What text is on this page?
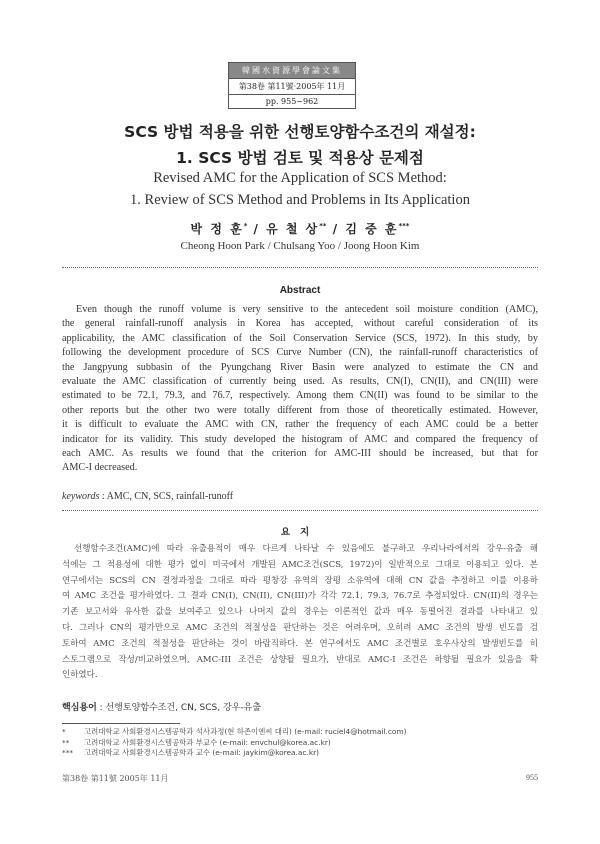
韓國水資源學會論文集
第38卷 第11號·2005年 11月
pp. 955∼962
SCS 방법 적용을 위한 선행토양함수조건의 재설정:
1. SCS 방법 검토 및 적용상 문제점
Revised AMC for the Application of SCS Method:
1. Review of SCS Method and Problems in Its Application
박 정 훈* / 유 철 상** / 김 중 훈***
Cheong Hoon Park / Chulsang Yoo / Joong Hoon Kim
Abstract
Even though the runoff volume is very sensitive to the antecedent soil moisture condition (AMC),
the general rainfall-runoff analysis in Korea has accepted, without careful consideration of its
applicability, the AMC classification of the Soil Conservation Service (SCS, 1972). In this study, by
following the development procedure of SCS Curve Number (CN), the rainfall-runoff characteristics of
the Jangpyung subbasin of the Pyungchang River Basin were analyzed to estimate the CN and
evaluate the AMC classification of currently being used. As results, CN(I), CN(II), and CN(III) were
estimated to be 72.1, 79.3, and 76.7, respectively. Among them CN(II) was found to be similar to the
other reports but the other two were totally different from those of theoretically estimated. However,
it is difficult to evaluate the AMC with CN, rather the frequency of each AMC could be a better
indicator for its validity. This study developed the histogram of AMC and compared the frequency of
each AMC. As results we found that the criterion for AMC-III should be increased, but that for
AMC-I decreased.
keywords : AMC, CN, SCS, rainfall-runoff
요지
선행함수조건(AMC)에 따라 유출용적이 매우 다르게 나타날 수 있음에도 불구하고 우리나라에서의 강우-유출 해
석에는 그 적용성에 대한 평가 없이 미국에서 개발된 AMC조건(SCS, 1972)이 일반적으로 그대로 이용되고 있다. 본
연구에서는 SCS의 CN 결정과정을 그대로 따라 평창강 유역의 장평 소유역에 대해 CN 값을 추정하고 이를 이용하
여 AMC 조건을 평가하였다. 그 결과 CN(I), CN(II), CN(III)가 각각 72.1, 79.3, 76.7로 추정되었다. CN(II)의 경우는
기존 보고서와 유사한 값을 보여주고 있으나 나머지 값의 경우는 이론적인 값과 매우 동떨어진 결과를 나타내고 있
다. 그러나 CN의 평가만으로 AMC 조건의 적절성을 판단하는 것은 어려우며, 오히려 AMC 조건의 발생 빈도를 검
토하여 AMC 조건의 적절성을 판단하는 것이 바람직하다. 본 연구에서도 AMC 조건별로 호우사상의 발생빈도를 히
스토그램으로 작성/비교하였으며, AMC-III 조건은 상향될 필요가, 반대로 AMC-I 조건은 하향될 필요가 있음을 확
인하였다.
핵심용어 : 선행토양함수조건, CN, SCS, 강우-유출
*	고려대학교 사회환경시스템공학과 석사과정(현 하존이엔씨 대리) (e-mail: ruciel4@hotmail.com)
**	고려대학교 사회환경시스템공학과 부교수 (e-mail: envchul@korea.ac.kr)
***	고려대학교 사회환경시스템공학과 교수 (e-mail: jaykim@korea.ac.kr)
第38卷 第11號 2005年 11月	955
